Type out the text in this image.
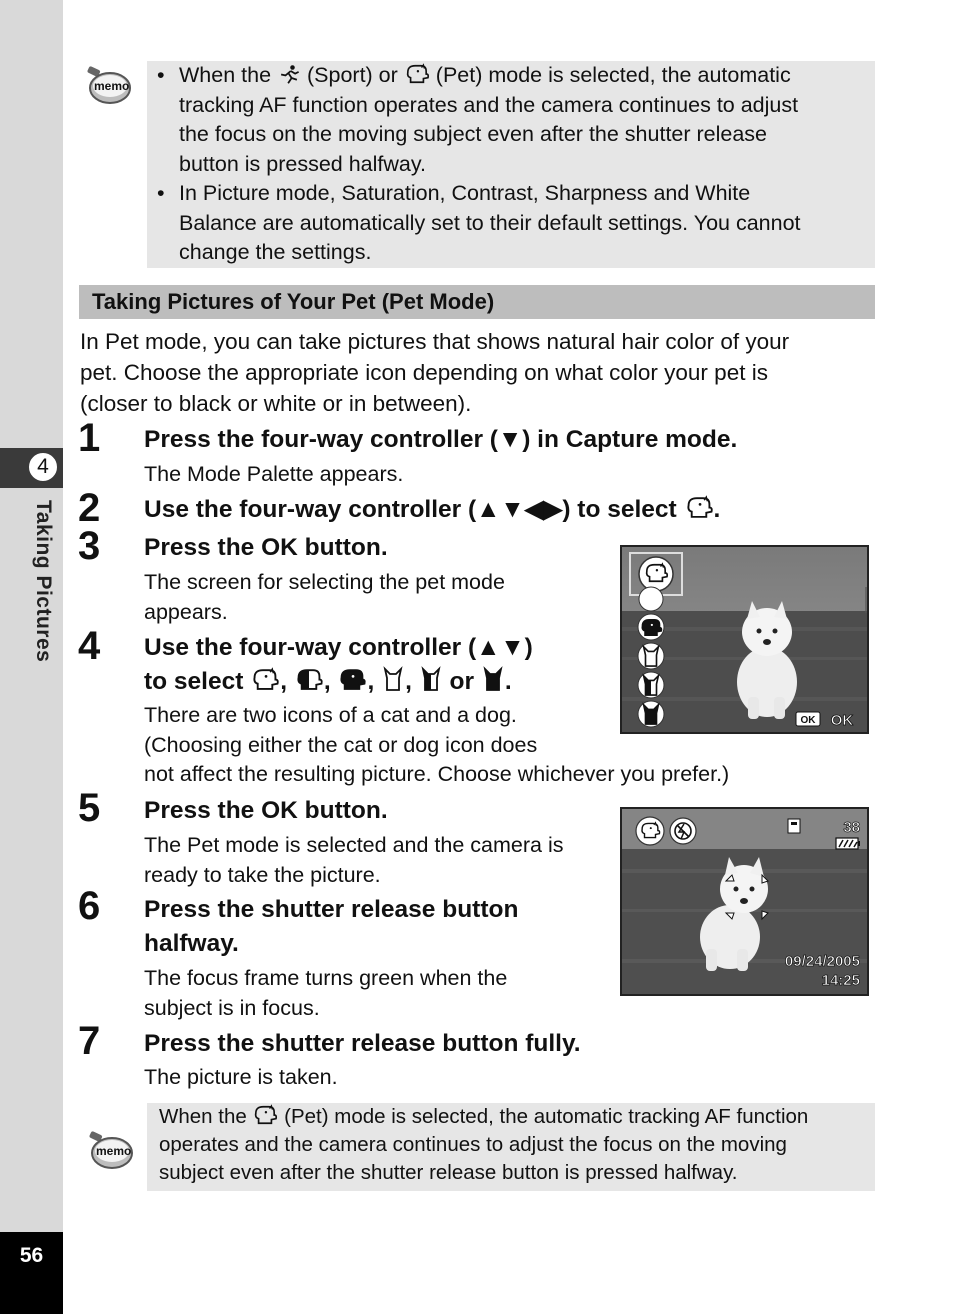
4
Taking Pictures
56
memo
•	When the (Sport) or (Pet) mode is selected, the automatic
tracking AF function operates and the camera continues to adjust
the focus on the moving subject even after the shutter release
button is pressed halfway.
• In Picture mode, Saturation, Contrast, Sharpness and White
Balance are automatically set to their default settings. You cannot
change the settings.
Taking Pictures of Your Pet (Pet Mode)
In Pet mode, you can take pictures that shows natural hair color of your
pet. Choose the appropriate icon depending on what color your pet is
(closer to black or white or in between).
1 Press the four-way controller (▼) in Capture mode.
The Mode Palette appears.
2 Use the four-way controller (▲▼◀▶) to select .
3 Press the OK button.
The screen for selecting the pet mode
appears.
OK OK
4 Use the four-way controller (▲▼)
to select , , , , or .
There are two icons of a cat and a dog.
(Choosing either the cat or dog icon does
not affect the resulting picture. Choose whichever you prefer.)
5 Press the OK button.
The Pet mode is selected and the camera is
ready to take the picture.
38
09/24/2005
14:25
6 Press the shutter release button
halfway.
The focus frame turns green when the
subject is in focus.
7 Press the shutter release button fully.
The picture is taken.
memo
When the (Pet) mode is selected, the automatic tracking AF function
operates and the camera continues to adjust the focus on the moving
subject even after the shutter release button is pressed halfway.
